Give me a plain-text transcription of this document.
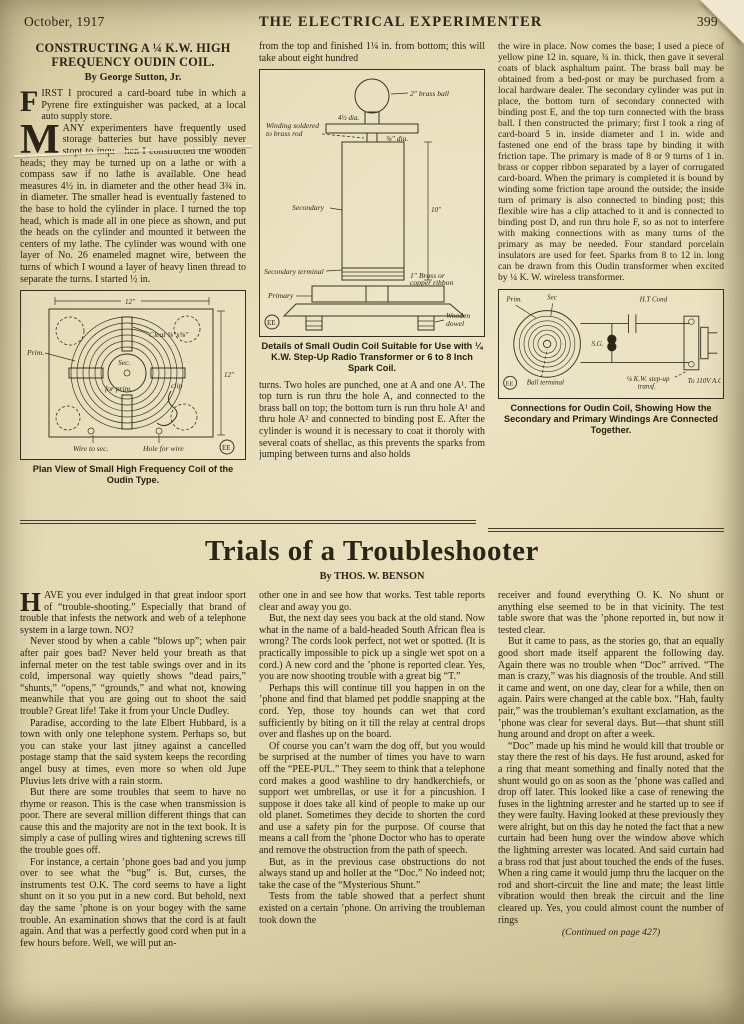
October, 1917	THE ELECTRICAL EXPERIMENTER	399
CONSTRUCTING A ¼ K.W. HIGH FREQUENCY OUDIN COIL.
By George Sutton, Jr.

FIRST I procured a card-board tube in which a Pyrene fire extinguisher was packed, at a local auto supply store.

MANY experimenters have frequently used storage batteries but have possibly never stopt to inqu―hen I constructed the wooden heads; they may be turned up on a lathe or with a compass saw if no lathe is available. One head measures 4½ in. in diameter and the other head 3¾ in. in diameter. The smaller head is eventually fastened to the base to hold the cylinder in place. I turned the top head, which is made all in one piece as shown, and put the heads on the cylinder and mounted it between the centers of my lathe. The cylinder was wound with one layer of No. 26 enameled magnet wire, between the turns of which I wound a layer of heavy linen thread to separate the turns. I started ½ in.

12″
12″
Prim.
Cleat ⅝″x⅝″
Sec.
for prim.	clip
Wire to sec.	Hole for wire	EE
Plan View of Small High Frequency Coil of the Oudin Type.

from the top and finished 1¼ in. from bottom; this will take about eight hundred

2″ brass ball
4½ dia.
⅜″ dia.
Winding soldered
to brass rod
Secondary
Secondary terminal
10″
1″ Brass or
copper ribbon
Primary
Wooden
dowel
EE
Details of Small Oudin Coil Suitable for Use with ¼ K.W. Step-Up Radio Transformer or 6 to 8 Inch Spark Coil.

turns. Two holes are punched, one at A and one A¹. The top turn is run thru the hole A, and connected to the brass ball on top; the bottom turn is run thru hole A¹ and thru hole A² and connected to binding post E. After the cylinder is wound it is necessary to coat it thoroly with several coats of shellac, as this prevents the sparks from jumping between turns and also holds

the wire in place. Now comes the base; I used a piece of yellow pine 12 in. square, ¾ in. thick, then gave it several coats of black asphaltum paint. The brass ball may be obtained from a bed-post or may be purchased from a local hardware dealer. The secondary cylinder was put in place, the bottom turn of secondary connected with binding post E, and the top turn connected with the brass ball. I then constructed the primary; first I took a ring of card-board 5 in. inside diameter and 1 in. wide and fastened one end of the brass tape by binding it with friction tape. The primary is made of 8 or 9 turns of 1 in. brass or copper ribbon separated by a layer of corrugated card-board. When the primary is completed it is bound by winding some friction tape around the outside; the inside turn of primary is also connected to binding post; this flexible wire has a clip attached to it and is connected to binding post D, and run thru hole F, so as not to interfere with making connections with as many turns of the primary as may be needed. Four standard porcelain insulators are used for feet. Sparks from 8 to 12 in. long can be drawn from this Oudin transformer when excited by ¼ K. W. wireless transformer.

Prim.	Sec	H.T Cond
S.G.
Ball terminal	¼ K.W. step-up
transf.
To 110V A.C.
EE
Connections for Oudin Coil, Showing How the Secondary and Primary Windings Are Connected Together.
Trials of a Troubleshooter
By THOS. W. BENSON

HAVE you ever indulged in that great indoor sport of “trouble-shooting.” Especially that brand of trouble that infests the network and web of a telephone system in a large town. NO?

Never stood by when a cable “blows up”; when pair after pair goes bad? Never held your breath as that infernal meter on the test table swings over and in its cold, impersonal way quietly shows “dead pairs,” “shunts,” “opens,” “grounds,” and what not, knowing meanwhile that you are going out to shoot the said trouble? Great life! Take it from your Uncle Dudley.

Paradise, according to the late Elbert Hubbard, is a town with only one telephone system. Perhaps so, but you can stake your last jitney against a cancelled postage stamp that the said system keeps the recording angel busy at times, even more so when old Jupe Pluvius lets drive with a rain storm.

But there are some troubles that seem to have no rhyme or reason. This is the case when transmission is poor. There are several million different things that can cause this and the majority are not in the text book. It is simply a case of pulling wires and tightening screws till the trouble goes off.

For instance, a certain ’phone goes bad and you jump over to see what the “bug” is. But, curses, the instruments test O.K. The cord seems to have a light shunt on it so you put in a new cord. But behold, next day the same ’phone is on your bogey with the same trouble. An examination shows that the cord is at fault again. And that was a perfectly good cord when put in a few hours before. Well, we will put an-

other one in and see how that works. Test table reports clear and away you go.

But, the next day sees you back at the old stand. Now what in the name of a bald-headed South African flea is wrong? The cords look perfect, not wet or spotted. (It is practically impossible to pick up a single wet spot on a cord.) A new cord and the ’phone is reported clear. Yes, you are now shooting trouble with a great big “T.”

Perhaps this will continue till you happen in on the ’phone and find that blamed pet poddle snapping at the cord. Yep, those toy hounds can wet that cord sufficiently by biting on it till the relay at central drops over and flashes up on the board.

Of course you can’t warn the dog off, but you would be surprised at the number of times you have to warn off the “PEE-PUL.” They seem to think that a telephone cord makes a good washline to dry handkerchiefs, or support wet umbrellas, or use it for a pincushion. I suppose it does take all kind of people to make up our old planet. Sometimes they decide to shorten the cord and use a safety pin for the purpose. Of course that means a call from the ’phone Doctor who has to operate and remove the obstruction from the path of speech.

But, as in the previous case obstructions do not always stand up and holler at the “Doc.” No indeed not; take the case of the “Mysterious Shunt.”

Tests from the table showed that a perfect shunt existed on a certain ’phone. On arriving the troubleman took down the

receiver and found everything O. K. No shunt or anything else seemed to be in that vicinity. The test table swore that was the ’phone reported in, but now it tested clear.

But it came to pass, as the stories go, that an equally good short made itself apparent the following day. Again there was no trouble when “Doc” arrived. “The man is crazy,” was his diagnosis of the trouble. And still it came and went, on one day, clear for a while, then on again. Pairs were changed at the cable box. “Hah, faulty pair,” was the troubleman’s exultant exclamation, as the ’phone was clear for several days. But—that shunt still hung around and dropt on after a week.

“Doc” made up his mind he would kill that trouble or stay there the rest of his days. He fust around, asked for a ring that meant something and finally noted that the shunt would go on as soon as the ’phone was called and drop off later. This looked like a case of renewing the fuses in the lightning arrester and he started up to see if they were faulty. Having looked at these previously they were alright, but on this day he noted the fact that a new curtain had been hung over the window above which the lightning arrester was located. And said curtain had a brass rod that just about touched the ends of the fuses. When a ring came it would jump thru the lacquer on the rod and short-circuit the line and mate; the least little vibration would then break the circuit and the line cleared up. Yes, you could almost count the number of rings

(Continued on page 427)
